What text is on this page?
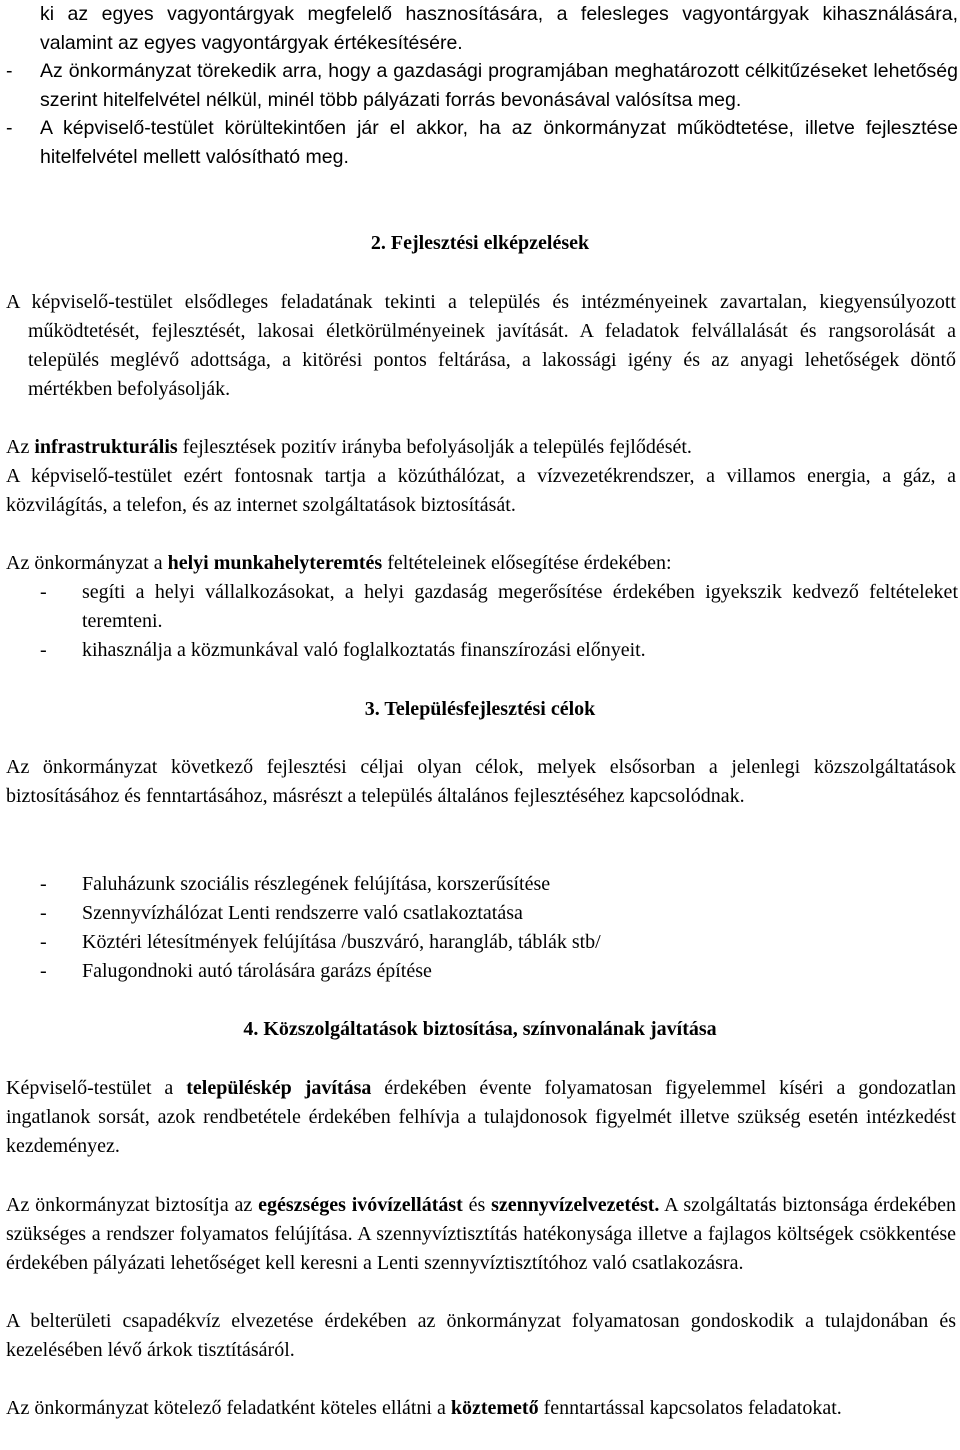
ki az egyes vagyontárgyak megfelelő hasznosítására, a felesleges vagyontárgyak kihasználására, valamint az egyes vagyontárgyak értékesítésére.

- Az önkormányzat törekedik arra, hogy a gazdasági programjában meghatározott célkitűzéseket lehetőség szerint hitelfelvétel nélkül, minél több pályázati forrás bevonásával valósítsa meg.

- A képviselő-testület körültekintően jár el akkor, ha az önkormányzat működtetése, illetve fejlesztése hitelfelvétel mellett valósítható meg.

2. Fejlesztési elképzelések

A képviselő-testület elsődleges feladatának tekinti a település és intézményeinek zavartalan, kiegyensúlyozott működtetését, fejlesztését, lakosai életkörülményeinek javítását. A feladatok felvállalását és rangsorolását a település meglévő adottsága, a kitörési pontos feltárása, a lakossági igény és az anyagi lehetőségek döntő mértékben befolyásolják.

Az infrastrukturális fejlesztések pozitív irányba befolyásolják a település fejlődését.

A képviselő-testület ezért fontosnak tartja a közúthálózat, a vízvezetékrendszer, a villamos energia, a gáz, a közvilágítás, a telefon, és az internet szolgáltatások biztosítását.

Az önkormányzat a helyi munkahelyteremtés feltételeinek elősegítése érdekében:

- segíti a helyi vállalkozásokat, a helyi gazdaság megerősítése érdekében igyekszik kedvező feltételeket teremteni.
- kihasználja a közmunkával való foglalkoztatás finanszírozási előnyeit.

3. Településfejlesztési célok

Az önkormányzat következő fejlesztési céljai olyan célok, melyek elsősorban a jelenlegi közszolgáltatások biztosításához és fenntartásához, másrészt a település általános fejlesztéséhez kapcsolódnak.

- Faluházunk szociális részlegének felújítása, korszerűsítése
- Szennyvízhálózat Lenti rendszerre való csatlakoztatása
- Köztéri létesítmények felújítása /buszváró, harangláb, táblák stb/
- Falugondnoki autó tárolására garázs építése

4. Közszolgáltatások biztosítása, színvonalának javítása

Képviselő-testület a településkép javítása érdekében évente folyamatosan figyelemmel kíséri a gondozatlan ingatlanok sorsát, azok rendbetétele érdekében felhívja a tulajdonosok figyelmét illetve szükség esetén intézkedést kezdeményez.

Az önkormányzat biztosítja az egészséges ivóvízellátást és szennyvízelvezetést. A szolgáltatás biztonsága érdekében szükséges a rendszer folyamatos felújítása. A szennyvíztisztítás hatékonysága illetve a fajlagos költségek csökkentése érdekében pályázati lehetőséget kell keresni a Lenti szennyvíztisztítóhoz való csatlakozásra.

A belterületi csapadékvíz elvezetése érdekében az önkormányzat folyamatosan gondoskodik a tulajdonában és kezelésében lévő árkok tisztításáról.

Az önkormányzat kötelező feladatként köteles ellátni a köztemető fenntartással kapcsolatos feladatokat.
